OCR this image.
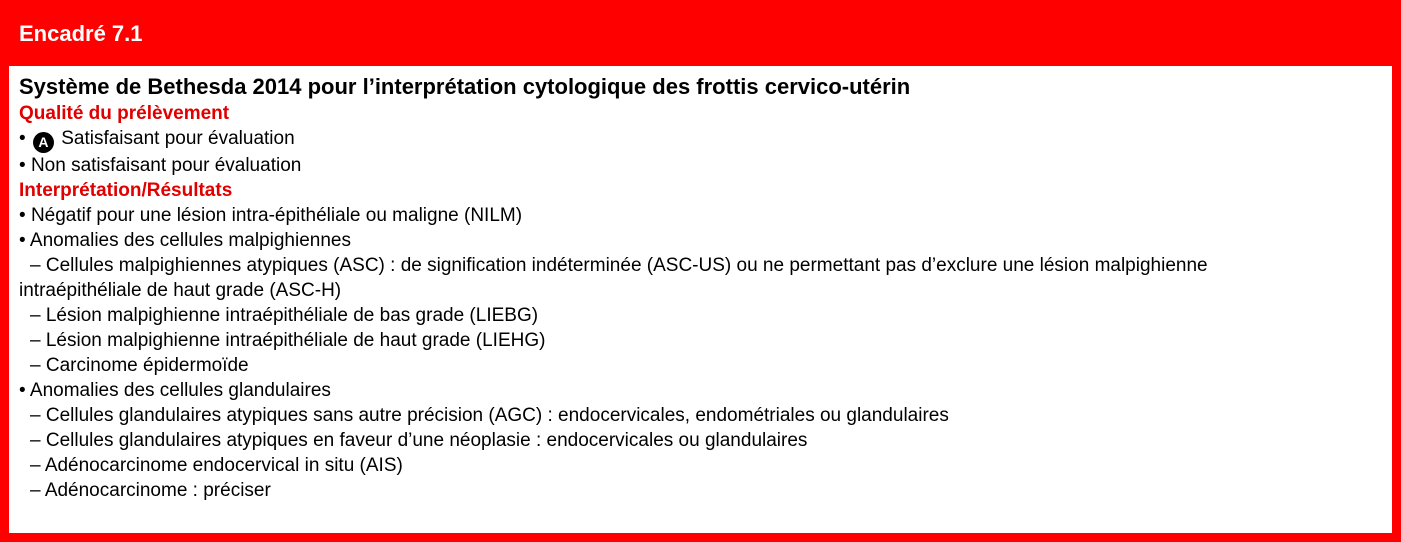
Encadré 7.1
Système de Bethesda 2014 pour l’interprétation cytologique des frottis cervico-utérin
Qualité du prélèvement
• A Satisfaisant pour évaluation
• Non satisfaisant pour évaluation
Interprétation/Résultats
• Négatif pour une lésion intra-épithéliale ou maligne (NILM)
• Anomalies des cellules malpighiennes
– Cellules malpighiennes atypiques (ASC) : de signification indéterminée (ASC-US) ou ne permettant pas d’exclure une lésion malpighienne intraépithéliale de haut grade (ASC-H)
– Lésion malpighienne intraépithéliale de bas grade (LIEBG)
– Lésion malpighienne intraépithéliale de haut grade (LIEHG)
– Carcinome épidermoïde
• Anomalies des cellules glandulaires
– Cellules glandulaires atypiques sans autre précision (AGC) : endocervicales, endométriales ou glandulaires
– Cellules glandulaires atypiques en faveur d’une néoplasie : endocervicales ou glandulaires
– Adénocarcinome endocervical in situ (AIS)
– Adénocarcinome : préciser
